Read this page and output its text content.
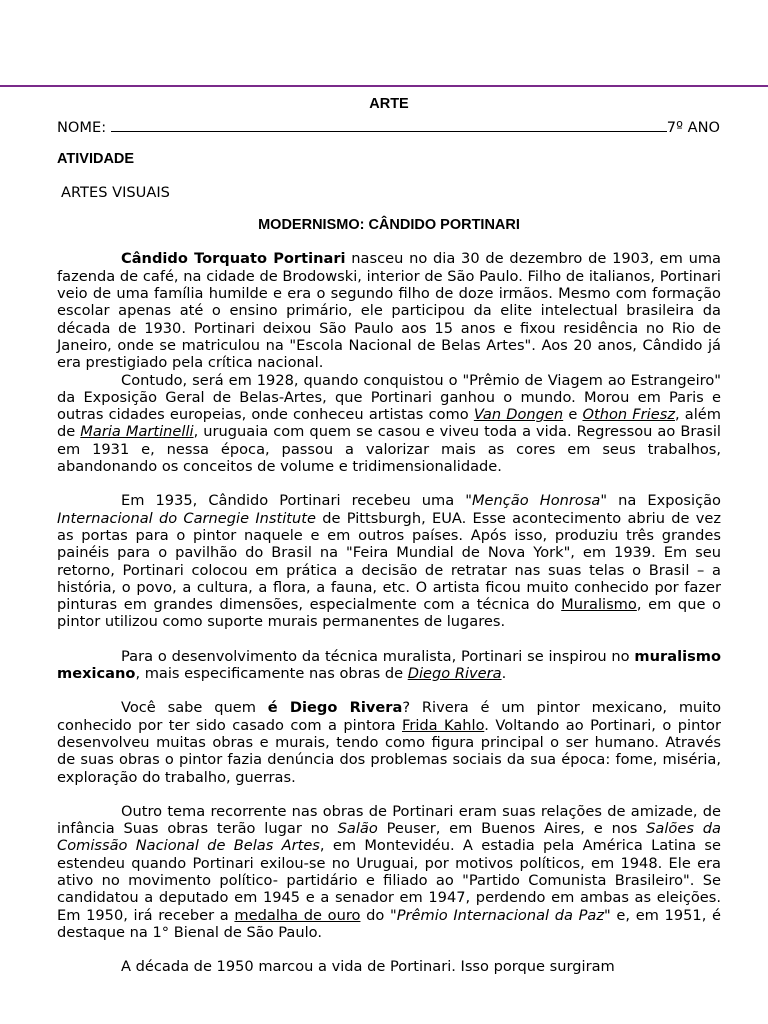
ARTE
NOME:	7º ANO
ATIVIDADE
ARTES VISUAIS
MODERNISMO: CÂNDIDO PORTINARI

Cândido Torquato Portinari nasceu no dia 30 de dezembro de 1903, em uma fazenda de café, na cidade de Brodowski, interior de São Paulo. Filho de italianos, Portinari veio de uma família humilde e era o segundo filho de doze irmãos. Mesmo com formação escolar apenas até o ensino primário, ele participou da elite intelectual brasileira da década de 1930. Portinari deixou São Paulo aos 15 anos e fixou residência no Rio de Janeiro, onde se matriculou na "Escola Nacional de Belas Artes". Aos 20 anos, Cândido já era prestigiado pela crítica nacional.

Contudo, será em 1928, quando conquistou o "Prêmio de Viagem ao Estrangeiro" da Exposição Geral de Belas-Artes, que Portinari ganhou o mundo. Morou em Paris e outras cidades europeias, onde conheceu artistas como Van Dongen e Othon Friesz, além de Maria Martinelli, uruguaia com quem se casou e viveu toda a vida. Regressou ao Brasil em 1931 e, nessa época, passou a valorizar mais as cores em seus trabalhos, abandonando os conceitos de volume e tridimensionalidade.

Em 1935, Cândido Portinari recebeu uma "Menção Honrosa" na Exposição Internacional do Carnegie Institute de Pittsburgh, EUA. Esse acontecimento abriu de vez as portas para o pintor naquele e em outros países. Após isso, produziu três grandes painéis para o pavilhão do Brasil na "Feira Mundial de Nova York", em 1939. Em seu retorno, Portinari colocou em prática a decisão de retratar nas suas telas o Brasil – a história, o povo, a cultura, a flora, a fauna, etc. O artista ficou muito conhecido por fazer pinturas em grandes dimensões, especialmente com a técnica do Muralismo, em que o pintor utilizou como suporte murais permanentes de lugares.

Para o desenvolvimento da técnica muralista, Portinari se inspirou no muralismo mexicano, mais especificamente nas obras de Diego Rivera.

Você sabe quem é Diego Rivera? Rivera é um pintor mexicano, muito conhecido por ter sido casado com a pintora Frida Kahlo. Voltando ao Portinari, o pintor desenvolveu muitas obras e murais, tendo como figura principal o ser humano. Através de suas obras o pintor fazia denúncia dos problemas sociais da sua época: fome, miséria, exploração do trabalho, guerras.

Outro tema recorrente nas obras de Portinari eram suas relações de amizade, de infância Suas obras terão lugar no Salão Peuser, em Buenos Aires, e nos Salões da Comissão Nacional de Belas Artes, em Montevidéu. A estadia pela América Latina se estendeu quando Portinari exilou-se no Uruguai, por motivos políticos, em 1948. Ele era ativo no movimento político- partidário e filiado ao "Partido Comunista Brasileiro". Se candidatou a deputado em 1945 e a senador em 1947, perdendo em ambas as eleições. Em 1950, irá receber a medalha de ouro do "Prêmio Internacional da Paz" e, em 1951, é destaque na 1° Bienal de São Paulo.

A década de 1950 marcou a vida de Portinari. Isso porque surgiram
